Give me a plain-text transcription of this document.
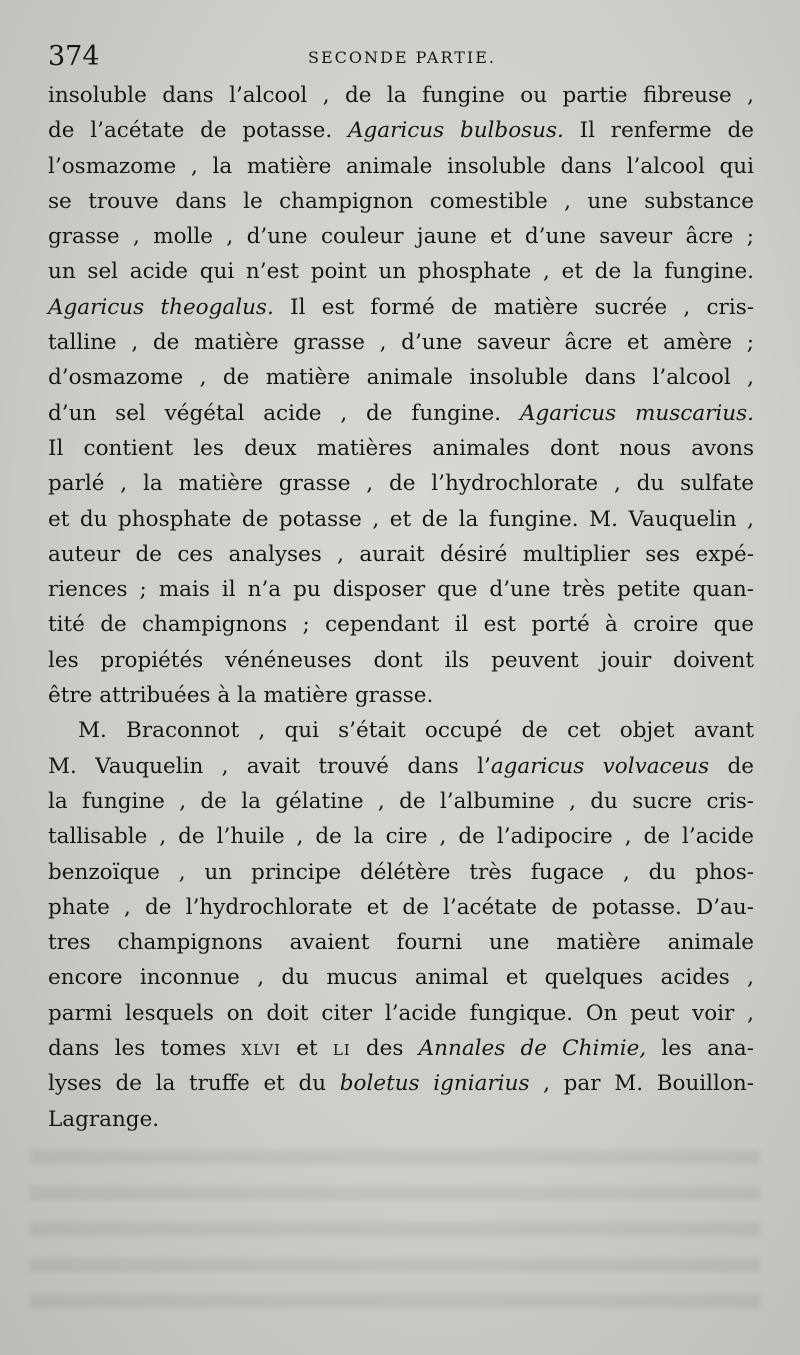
374	SECONDE PARTIE.
insoluble dans l’alcool , de la fungine ou partie fibreuse ,
de l’acétate de potasse. Agaricus bulbosus. Il renferme de
l’osmazome , la matière animale insoluble dans l’alcool qui
se trouve dans le champignon comestible , une substance
grasse , molle , d’une couleur jaune et d’une saveur âcre ;
un sel acide qui n’est point un phosphate , et de la fungine.
Agaricus theogalus. Il est formé de matière sucrée , cris-
talline , de matière grasse , d’une saveur âcre et amère ;
d’osmazome , de matière animale insoluble dans l’alcool ,
d’un sel végétal acide , de fungine. Agaricus muscarius.
Il contient les deux matières animales dont nous avons
parlé , la matière grasse , de l’hydrochlorate , du sulfate
et du phosphate de potasse , et de la fungine. M. Vauquelin ,
auteur de ces analyses , aurait désiré multiplier ses expé-
riences ; mais il n’a pu disposer que d’une très petite quan-
tité de champignons ; cependant il est porté à croire que
les propiétés vénéneuses dont ils peuvent jouir doivent
être attribuées à la matière grasse.
M. Braconnot , qui s’était occupé de cet objet avant
M. Vauquelin , avait trouvé dans l’agaricus volvaceus de
la fungine , de la gélatine , de l’albumine , du sucre cris-
tallisable , de l’huile , de la cire , de l’adipocire , de l’acide
benzoïque , un principe délétère très fugace , du phos-
phate , de l’hydrochlorate et de l’acétate de potasse. D’au-
tres champignons avaient fourni une matière animale
encore inconnue , du mucus animal et quelques acides ,
parmi lesquels on doit citer l’acide fungique. On peut voir ,
dans les tomes XLVI et LI des Annales de Chimie, les ana-
lyses de la truffe et du boletus igniarius , par M. Bouillon-
Lagrange.
